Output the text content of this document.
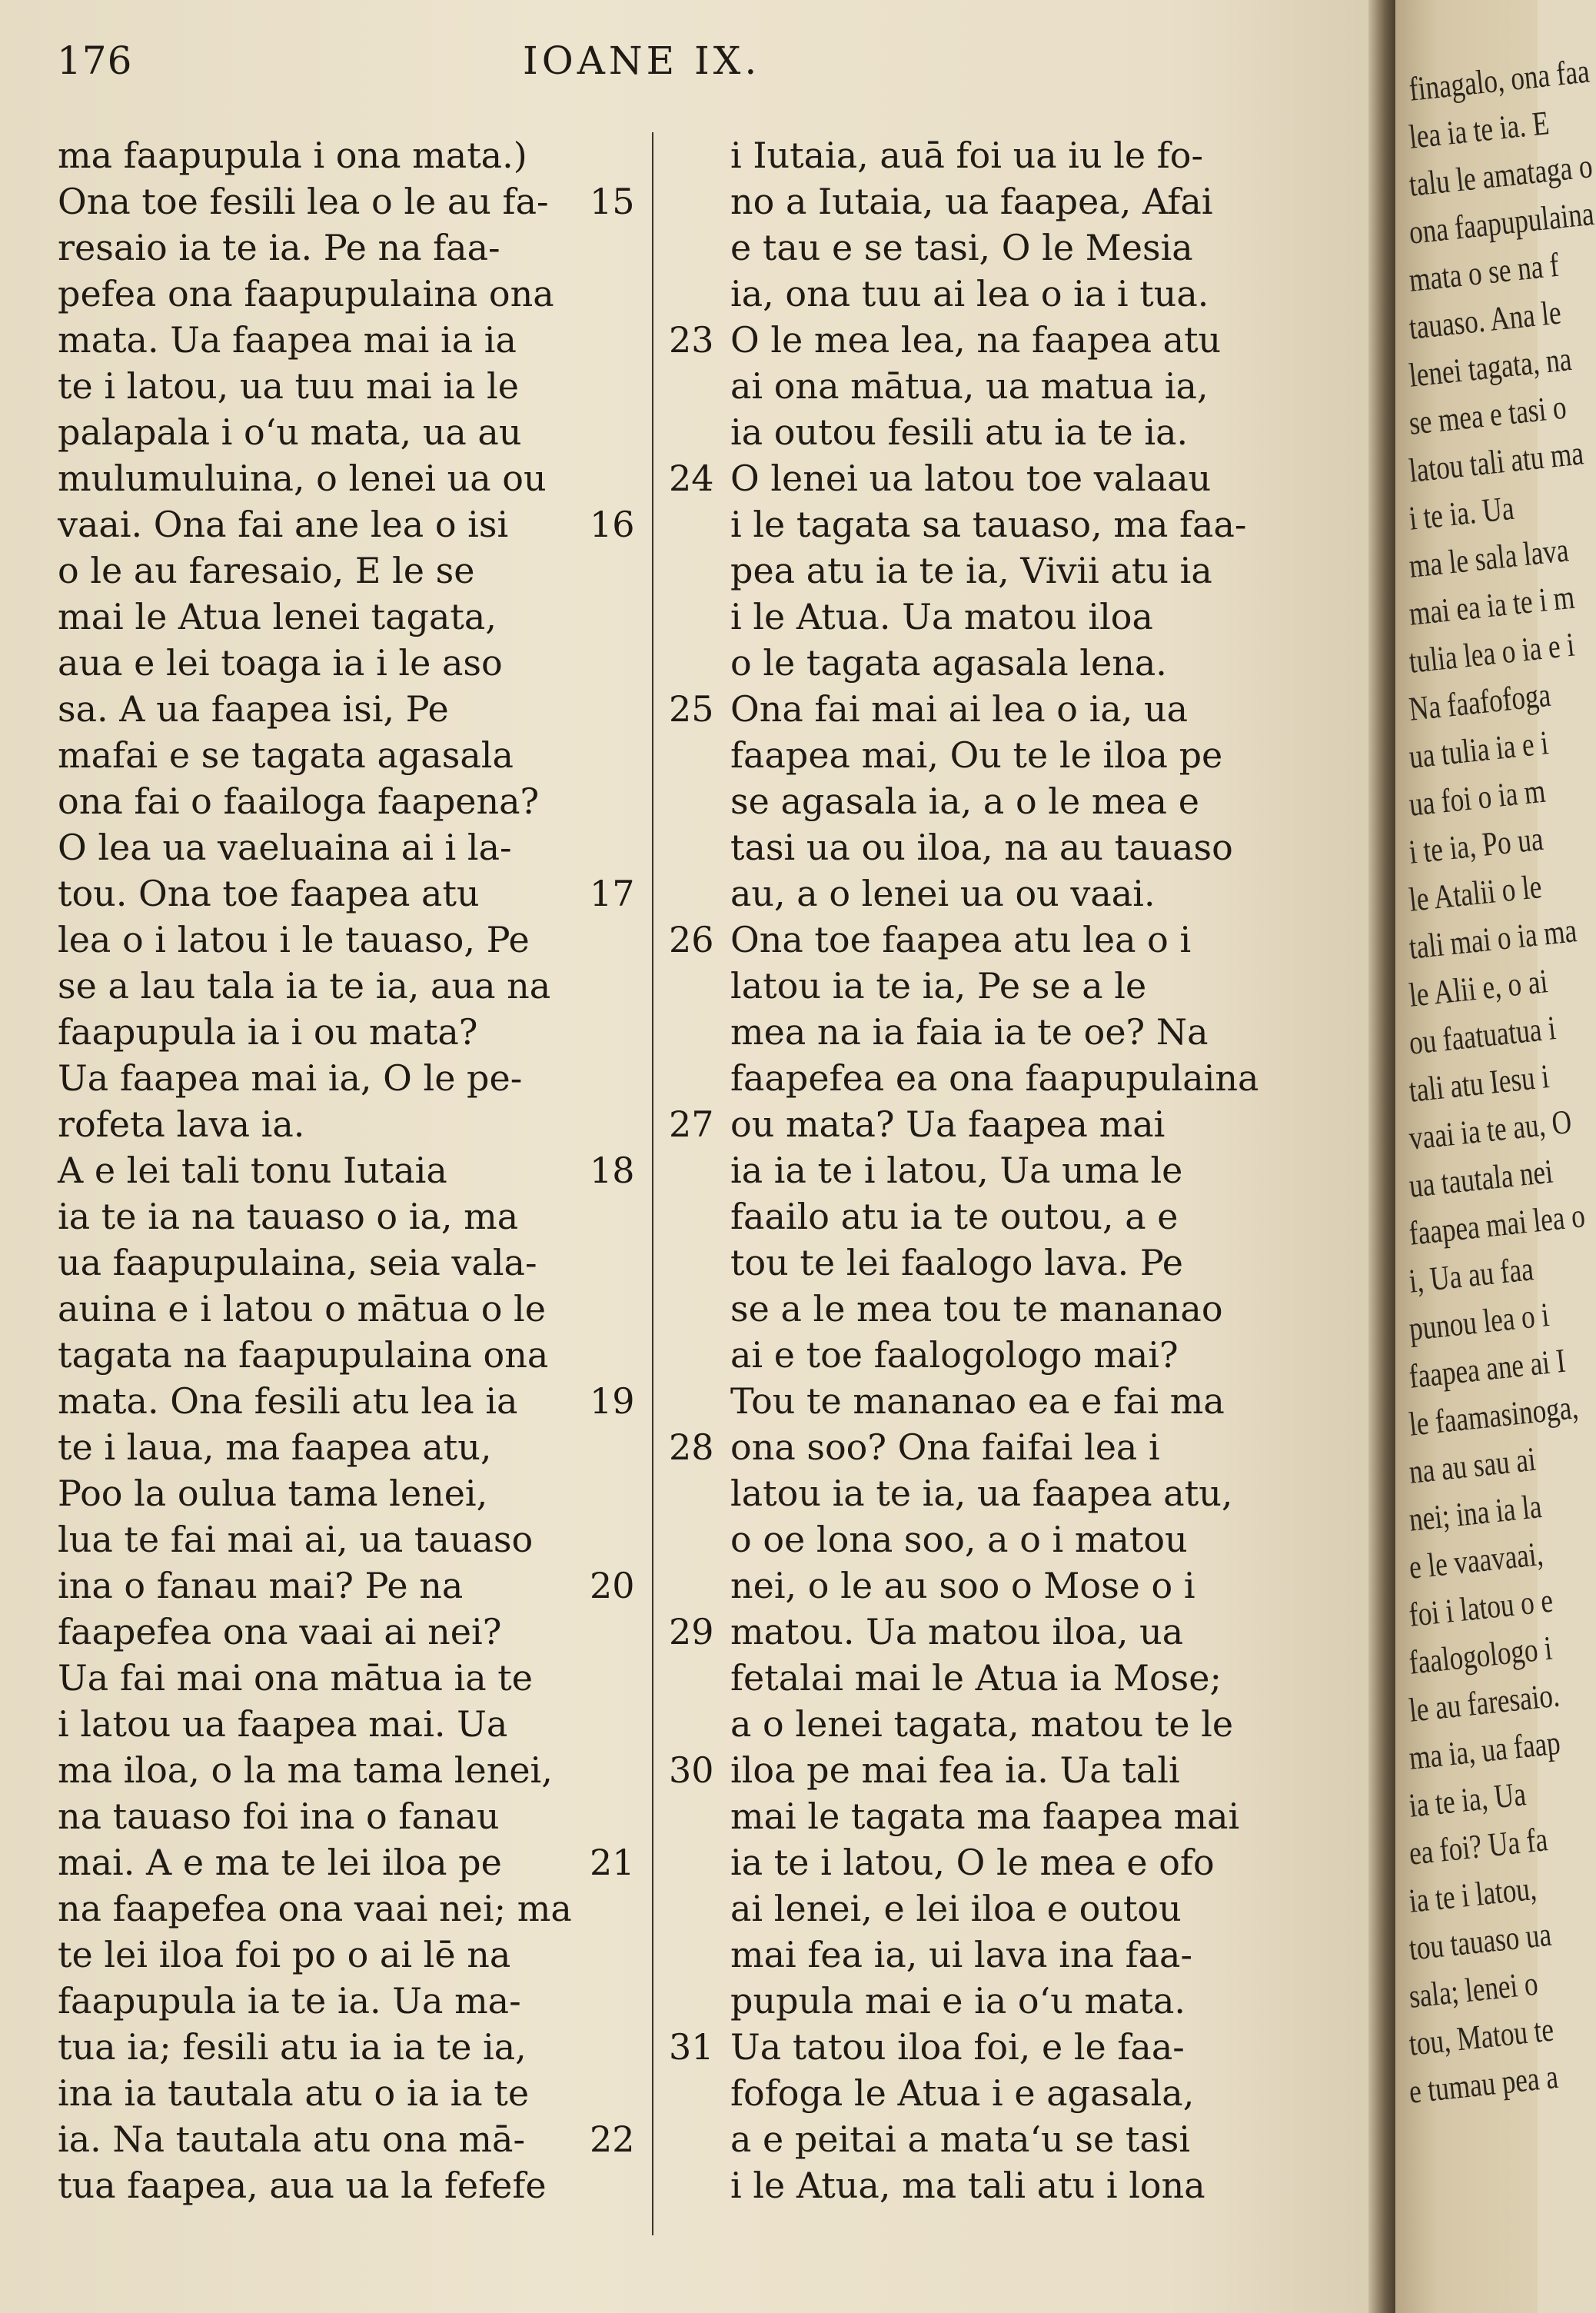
176	IOANE IX.
ma faapupula i ona mata.)
Ona toe fesili lea o le au fa- 15
resaio ia te ia. Pe na faa-
pefea ona faapupulaina ona
mata. Ua faapea mai ia ia
te i latou, ua tuu mai ia le
palapala i oʻu mata, ua au
mulumuluina, o lenei ua ou
vaai. Ona fai ane lea o isi 16
o le au faresaio, E le se
mai le Atua lenei tagata,
aua e lei toaga ia i le aso
sa. A ua faapea isi, Pe
mafai e se tagata agasala
ona fai o faailoga faapena?
O lea ua vaeluaina ai i la-
tou. Ona toe faapea atu	17
lea o i latou i le tauaso, Pe
se a lau tala ia te ia, aua na
faapupula ia i ou mata?
Ua faapea mai ia, O le pe-
rofeta lava ia.
A e lei tali tonu Iutaia	18
ia te ia na tauaso o ia, ma
ua faapupulaina, seia vala-
auina e i latou o mātua o le
tagata na faapupulaina ona
mata. Ona fesili atu lea ia 19
te i laua, ma faapea atu,
Poo la oulua tama lenei,
lua te fai mai ai, ua tauaso
ina o fanau mai? Pe na	20
faapefea ona vaai ai nei?
Ua fai mai ona mātua ia te
i latou ua faapea mai. Ua
ma iloa, o la ma tama lenei,
na tauaso foi ina o fanau
mai. A e ma te lei iloa pe 21
na faapefea ona vaai nei; ma
te lei iloa foi po o ai lē na
faapupula ia te ia. Ua ma-
tua ia; fesili atu ia ia te ia,
ina ia tautala atu o ia ia te
ia. Na tautala atu ona mā- 22
tua faapea, aua ua la fefefe
i Iutaia, auā foi ua iu le fo-
no a Iutaia, ua faapea, Afai
e tau e se tasi, O le Mesia
ia, ona tuu ai lea o ia i tua.
O le mea lea, na faapea atu
23
ai ona mātua, ua matua ia,
ia outou fesili atu ia te ia.
O lenei ua latou toe valaau
24
i le tagata sa tauaso, ma faa-
pea atu ia te ia, Vivii atu ia
i le Atua. Ua matou iloa
o le tagata agasala lena.
Ona fai mai ai lea o ia, ua
25
faapea mai, Ou te le iloa pe
se agasala ia, a o le mea e
tasi ua ou iloa, na au tauaso
au, a o lenei ua ou vaai.
Ona toe faapea atu lea o i
26
latou ia te ia, Pe se a le
mea na ia faia ia te oe? Na
faapefea ea ona faapupulaina
ou mata? Ua faapea mai
27
ia ia te i latou, Ua uma le
faailo atu ia te outou, a e
tou te lei faalogo lava. Pe
se a le mea tou te mananao
ai e toe faalogologo mai?
Tou te mananao ea e fai ma
ona soo? Ona faifai lea i
28
latou ia te ia, ua faapea atu,
o oe lona soo, a o i matou
nei, o le au soo o Mose o i
matou. Ua matou iloa, ua
29
fetalai mai le Atua ia Mose;
a o lenei tagata, matou te le
iloa pe mai fea ia. Ua tali
30
mai le tagata ma faapea mai
ia te i latou, O le mea e ofo
ai lenei, e lei iloa e outou
mai fea ia, ui lava ina faa-
pupula mai e ia oʻu mata.
Ua tatou iloa foi, e le faa-
31
fofoga le Atua i e agasala,
a e peitai a mataʻu se tasi
i le Atua, ma tali atu i lona
finagalo, ona faa
lea ia te ia. E
talu le amataga o
ona faapupulaina
mata o se na f
tauaso. Ana le
lenei tagata, na
se mea e tasi o
latou tali atu ma
i te ia. Ua
ma le sala lava
mai ea ia te i m
tulia lea o ia e i
Na faafofoga
ua tulia ia e i
ua foi o ia m
i te ia, Po ua
le Atalii o le
tali mai o ia ma
le Alii e, o ai
ou faatuatua i
tali atu Iesu i
vaai ia te au, O
ua tautala nei
faapea mai lea o
i, Ua au faa
punou lea o i
faapea ane ai I
le faamasinoga,
na au sau ai
nei; ina ia la
e le vaavaai,
foi i latou o e
faalogologo i
le au faresaio.
ma ia, ua faap
ia te ia, Ua
ea foi? Ua fa
ia te i latou,
tou tauaso ua
sala; lenei o
tou, Matou te
e tumau pea a
